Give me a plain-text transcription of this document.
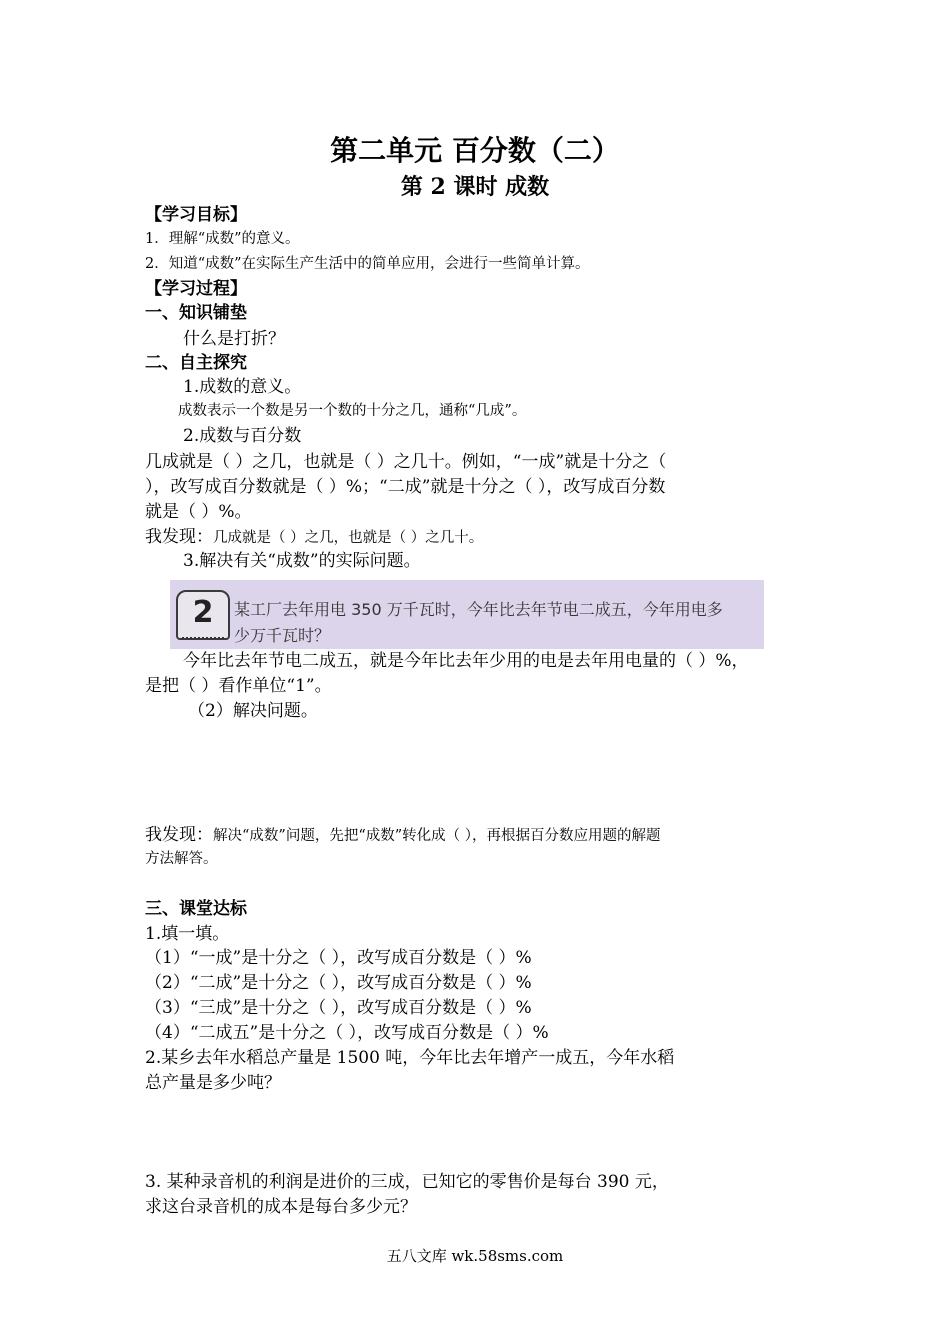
第二单元 百分数（二）
第 2 课时 成数
【学习目标】
1．理解“成数”的意义。
2．知道“成数”在实际生产生活中的简单应用，会进行一些简单计算。
【学习过程】
一、知识铺垫
什么是打折？
二、自主探究
1.成数的意义。
成数表示一个数是另一个数的十分之几，通称“几成”。
2.成数与百分数
几成就是（ ）之几，也就是（ ）之几十。例如，“一成”就是十分之（
），改写成百分数就是（ ）%；“二成”就是十分之（ ），改写成百分数
就是（ ）%。
我发现：几成就是（ ）之几，也就是（ ）之几十。
3.解决有关“成数”的实际问题。
2	某工厂去年用电 350 万千瓦时，今年比去年节电二成五，今年用电多
少万千瓦时？
今年比去年节电二成五，就是今年比去年少用的电是去年用电量的（ ）%，
是把（ ）看作单位“1”。
（2）解决问题。
我发现：解决“成数”问题，先把“成数”转化成（ ），再根据百分数应用题的解题
方法解答。
三、课堂达标
1.填一填。
（1）“一成”是十分之（ ），改写成百分数是（ ）%
（2）“二成”是十分之（ ），改写成百分数是（ ）%
（3）“三成”是十分之（ ），改写成百分数是（ ）%
（4）“二成五”是十分之（ ），改写成百分数是（ ）%
2.某乡去年水稻总产量是 1500 吨，今年比去年增产一成五，今年水稻
总产量是多少吨？
3. 某种录音机的利润是进价的三成，已知它的零售价是每台 390 元，
求这台录音机的成本是每台多少元？
五八文库 wk.58sms.com
